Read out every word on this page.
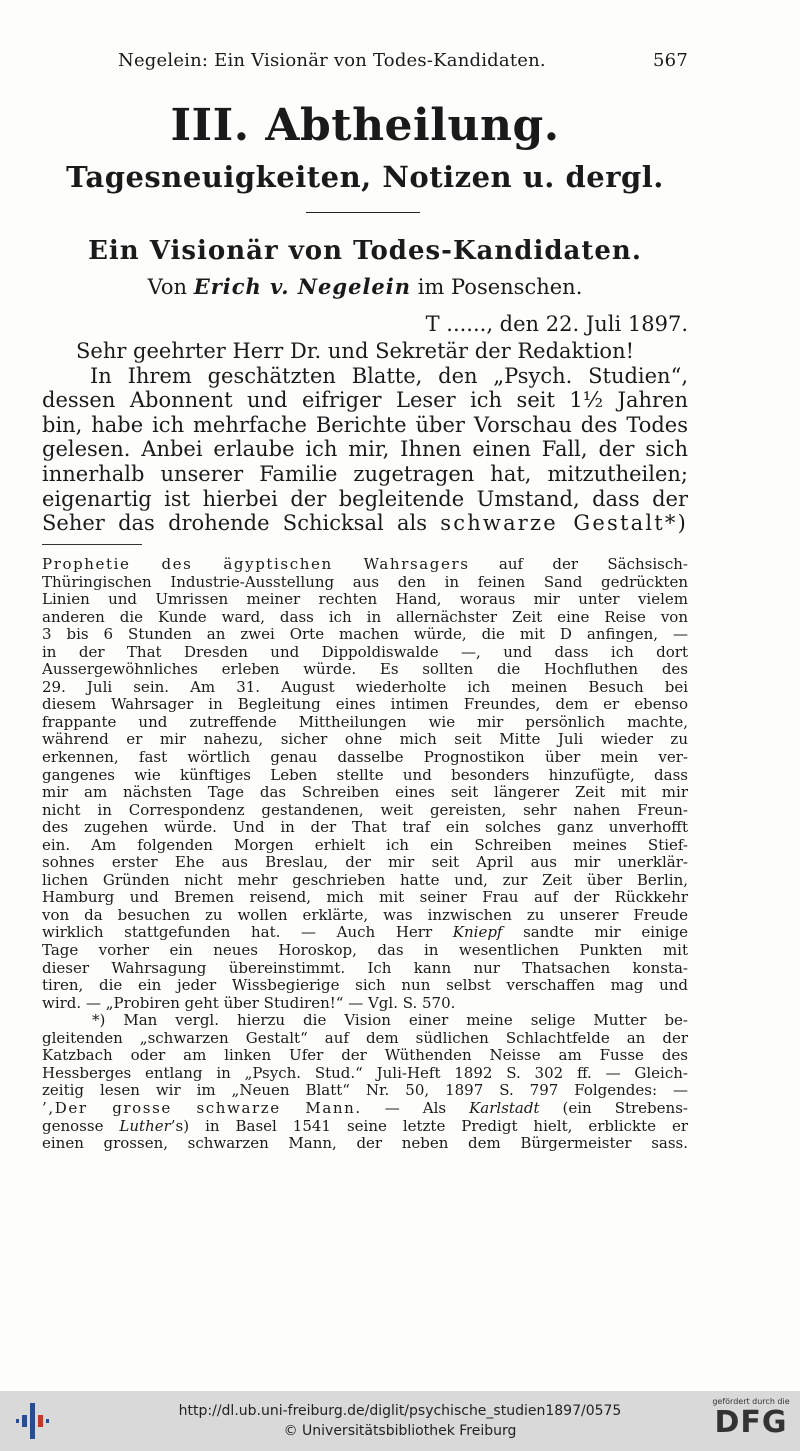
Negelein: Ein Visionär von Todes-Kandidaten.	567
III. Abtheilung.
Tagesneuigkeiten, Notizen u. dergl.
Ein Visionär von Todes-Kandidaten.
Von Erich v. Negelein im Posenschen.
T ......, den 22. Juli 1897.
Sehr geehrter Herr Dr. und Sekretär der Redaktion!
In Ihrem geschätzten Blatte, den „Psych. Studien“,
dessen Abonnent und eifriger Leser ich seit 1½ Jahren
bin, habe ich mehrfache Berichte über Vorschau des Todes
gelesen. Anbei erlaube ich mir, Ihnen einen Fall, der sich
innerhalb unserer Familie zugetragen hat, mitzutheilen;
eigenartig ist hierbei der begleitende Umstand, dass der
Seher das drohende Schicksal als schwarze Gestalt*)
Prophetie des ägyptischen Wahrsagers auf der Sächsisch-
Thüringischen Industrie-Ausstellung aus den in feinen Sand gedrückten
Linien und Umrissen meiner rechten Hand, woraus mir unter vielem
anderen die Kunde ward, dass ich in allernächster Zeit eine Reise von
3 bis 6 Stunden an zwei Orte machen würde, die mit D anfingen, —
in der That Dresden und Dippoldiswalde —, und dass ich dort
Aussergewöhnliches erleben würde. Es sollten die Hochfluthen des
29. Juli sein. Am 31. August wiederholte ich meinen Besuch bei
diesem Wahrsager in Begleitung eines intimen Freundes, dem er ebenso
frappante und zutreffende Mittheilungen wie mir persönlich machte,
während er mir nahezu, sicher ohne mich seit Mitte Juli wieder zu
erkennen, fast wörtlich genau dasselbe Prognostikon über mein ver-
gangenes wie künftiges Leben stellte und besonders hinzufügte, dass
mir am nächsten Tage das Schreiben eines seit längerer Zeit mit mir
nicht in Correspondenz gestandenen, weit gereisten, sehr nahen Freun-
des zugehen würde. Und in der That traf ein solches ganz unverhofft
ein. Am folgenden Morgen erhielt ich ein Schreiben meines Stief-
sohnes erster Ehe aus Breslau, der mir seit April aus mir unerklär-
lichen Gründen nicht mehr geschrieben hatte und, zur Zeit über Berlin,
Hamburg und Bremen reisend, mich mit seiner Frau auf der Rückkehr
von da besuchen zu wollen erklärte, was inzwischen zu unserer Freude
wirklich stattgefunden hat. — Auch Herr Kniepf sandte mir einige
Tage vorher ein neues Horoskop, das in wesentlichen Punkten mit
dieser Wahrsagung übereinstimmt. Ich kann nur Thatsachen konsta-
tiren, die ein jeder Wissbegierige sich nun selbst verschaffen mag und
wird. — „Probiren geht über Studiren!“ — Vgl. S. 570.
*) Man vergl. hierzu die Vision einer meine selige Mutter be-
gleitenden „schwarzen Gestalt“ auf dem südlichen Schlachtfelde an der
Katzbach oder am linken Ufer der Wüthenden Neisse am Fusse des
Hessberges entlang in „Psych. Stud.“ Juli-Heft 1892 S. 302 ff. — Gleich-
zeitig lesen wir im „Neuen Blatt“ Nr. 50, 1897 S. 797 Folgendes: —
’,Der grosse schwarze Mann. — Als Karlstadt (ein Strebens-
genosse Luther’s) in Basel 1541 seine letzte Predigt hielt, erblickte er
einen grossen, schwarzen Mann, der neben dem Bürgermeister sass.
http://dl.ub.uni-freiburg.de/diglit/psychische_studien1897/0575
© Universitätsbibliothek Freiburg
gefördert durch die
DFG
